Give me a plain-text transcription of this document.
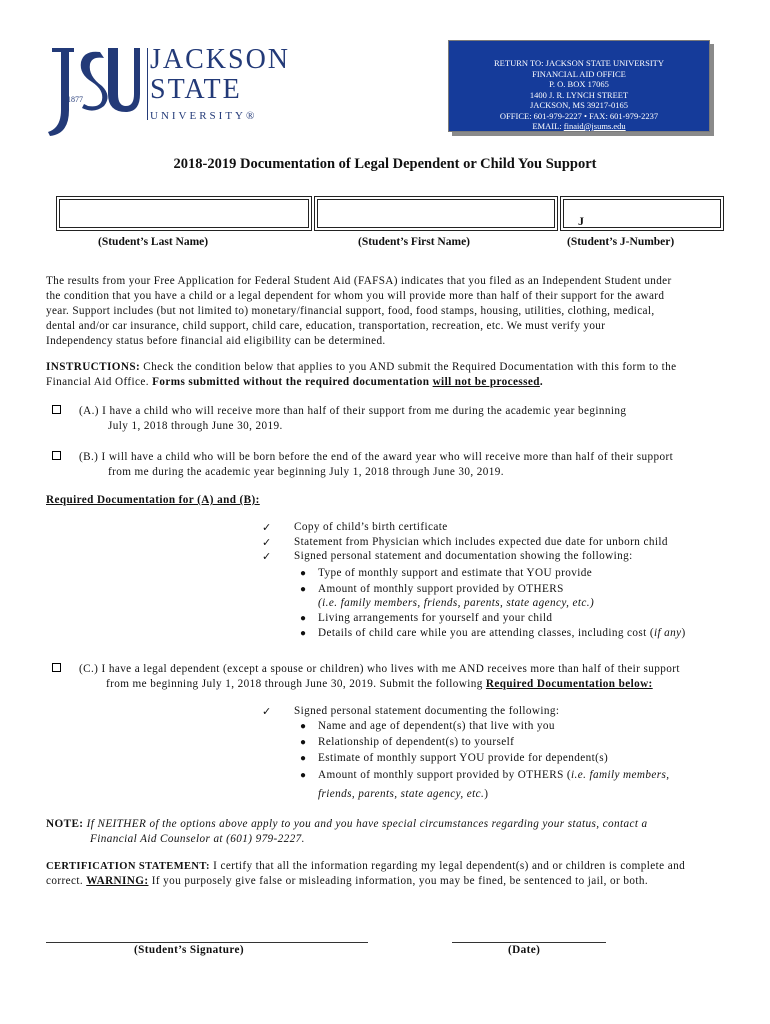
1877
JACKSON
STATE
UNIVERSITY®
RETURN TO: JACKSON STATE UNIVERSITY
FINANCIAL AID OFFICE
P. O. BOX 17065
1400 J. R. LYNCH STREET
JACKSON, MS 39217-0165
OFFICE: 601-979-2227 • FAX: 601-979-2237
EMAIL: finaid@jsums.edu
2018-2019 Documentation of Legal Dependent or Child You Support
J
(Student’s Last Name)	(Student’s First Name)	(Student’s J-Number)
The results from your Free Application for Federal Student Aid (FAFSA) indicates that you filed as an Independent Student under
the condition that you have a child or a legal dependent for whom you will provide more than half of their support for the award
year. Support includes (but not limited to) monetary/financial support, food, food stamps, housing, utilities, clothing, medical,
dental and/or car insurance, child support, child care, education, transportation, recreation, etc. We must verify your
Independency status before financial aid eligibility can be determined.
INSTRUCTIONS: Check the condition below that applies to you AND submit the Required Documentation with this form to the
Financial Aid Office. Forms submitted without the required documentation will not be processed.
(A.) I have a child who will receive more than half of their support from me during the academic year beginning
July 1, 2018 through June 30, 2019.
(B.) I will have a child who will be born before the end of the award year who will receive more than half of their support
from me during the academic year beginning July 1, 2018 through June 30, 2019.
Required Documentation for (A) and (B):
✓ Copy of child’s birth certificate
✓ Statement from Physician which includes expected due date for unborn child
✓ Signed personal statement and documentation showing the following:
● Type of monthly support and estimate that YOU provide
● Amount of monthly support provided by OTHERS
(i.e. family members, friends, parents, state agency, etc.)
● Living arrangements for yourself and your child
● Details of child care while you are attending classes, including cost (if any)
(C.) I have a legal dependent (except a spouse or children) who lives with me AND receives more than half of their support
from me beginning July 1, 2018 through June 30, 2019. Submit the following Required Documentation below:
✓ Signed personal statement documenting the following:
● Name and age of dependent(s) that live with you
● Relationship of dependent(s) to yourself
● Estimate of monthly support YOU provide for dependent(s)
● Amount of monthly support provided by OTHERS (i.e. family members,
friends, parents, state agency, etc.)
NOTE: If NEITHER of the options above apply to you and you have special circumstances regarding your status, contact a
Financial Aid Counselor at (601) 979-2227.
CERTIFICATION STATEMENT: I certify that all the information regarding my legal dependent(s) and or children is complete and
correct. WARNING: If you purposely give false or misleading information, you may be fined, be sentenced to jail, or both.
(Student’s Signature)	(Date)
